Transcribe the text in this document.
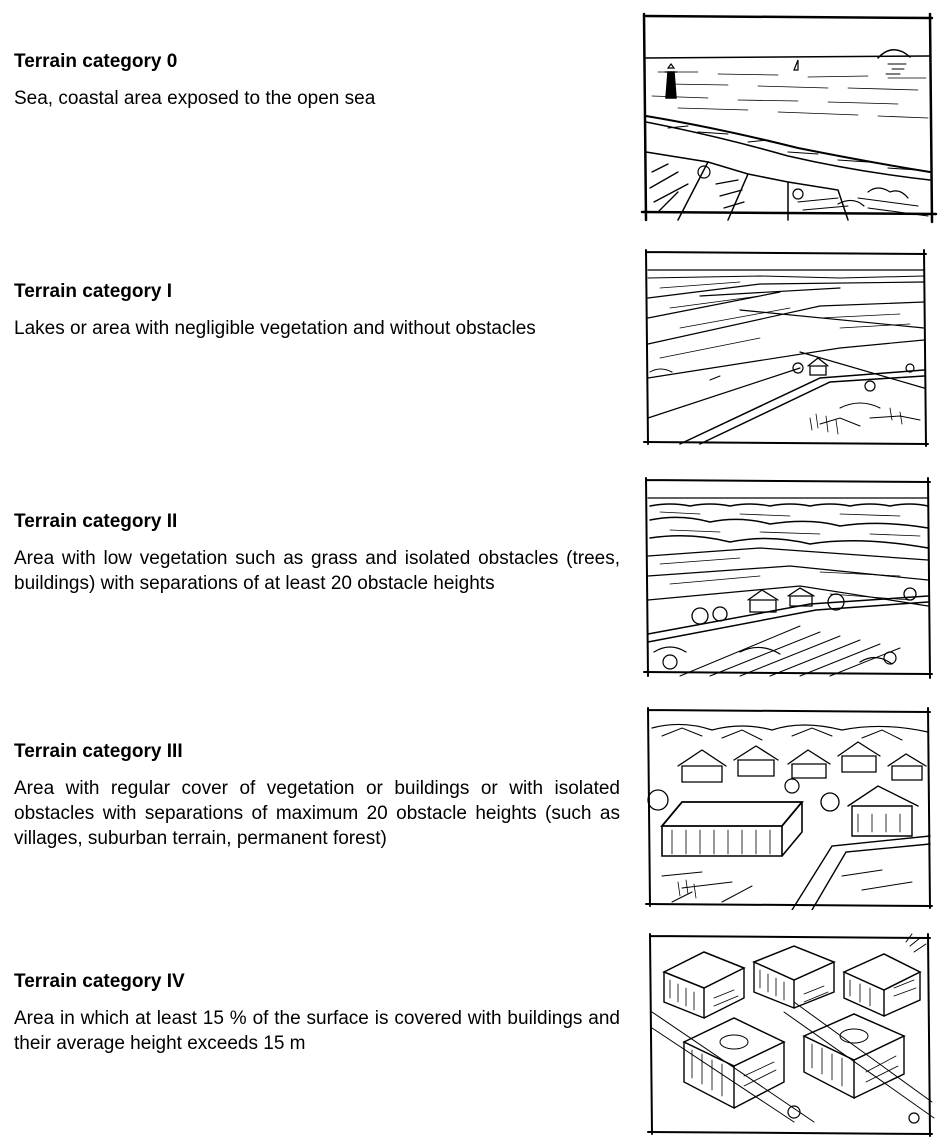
Terrain category 0

Sea, coastal area exposed to the open sea

Terrain category I

Lakes or area with negligible vegetation and without obstacles

Terrain category II

Area with low vegetation such as grass and isolated obstacles (trees, buildings) with separations of at least 20 obstacle heights

Terrain category III

Area with regular cover of vegetation or buildings or with isolated obstacles with separations of maximum 20 obstacle heights (such as villages, suburban terrain, permanent forest)

Terrain category IV

Area in which at least 15 % of the surface is covered with buildings and their average height exceeds 15 m
